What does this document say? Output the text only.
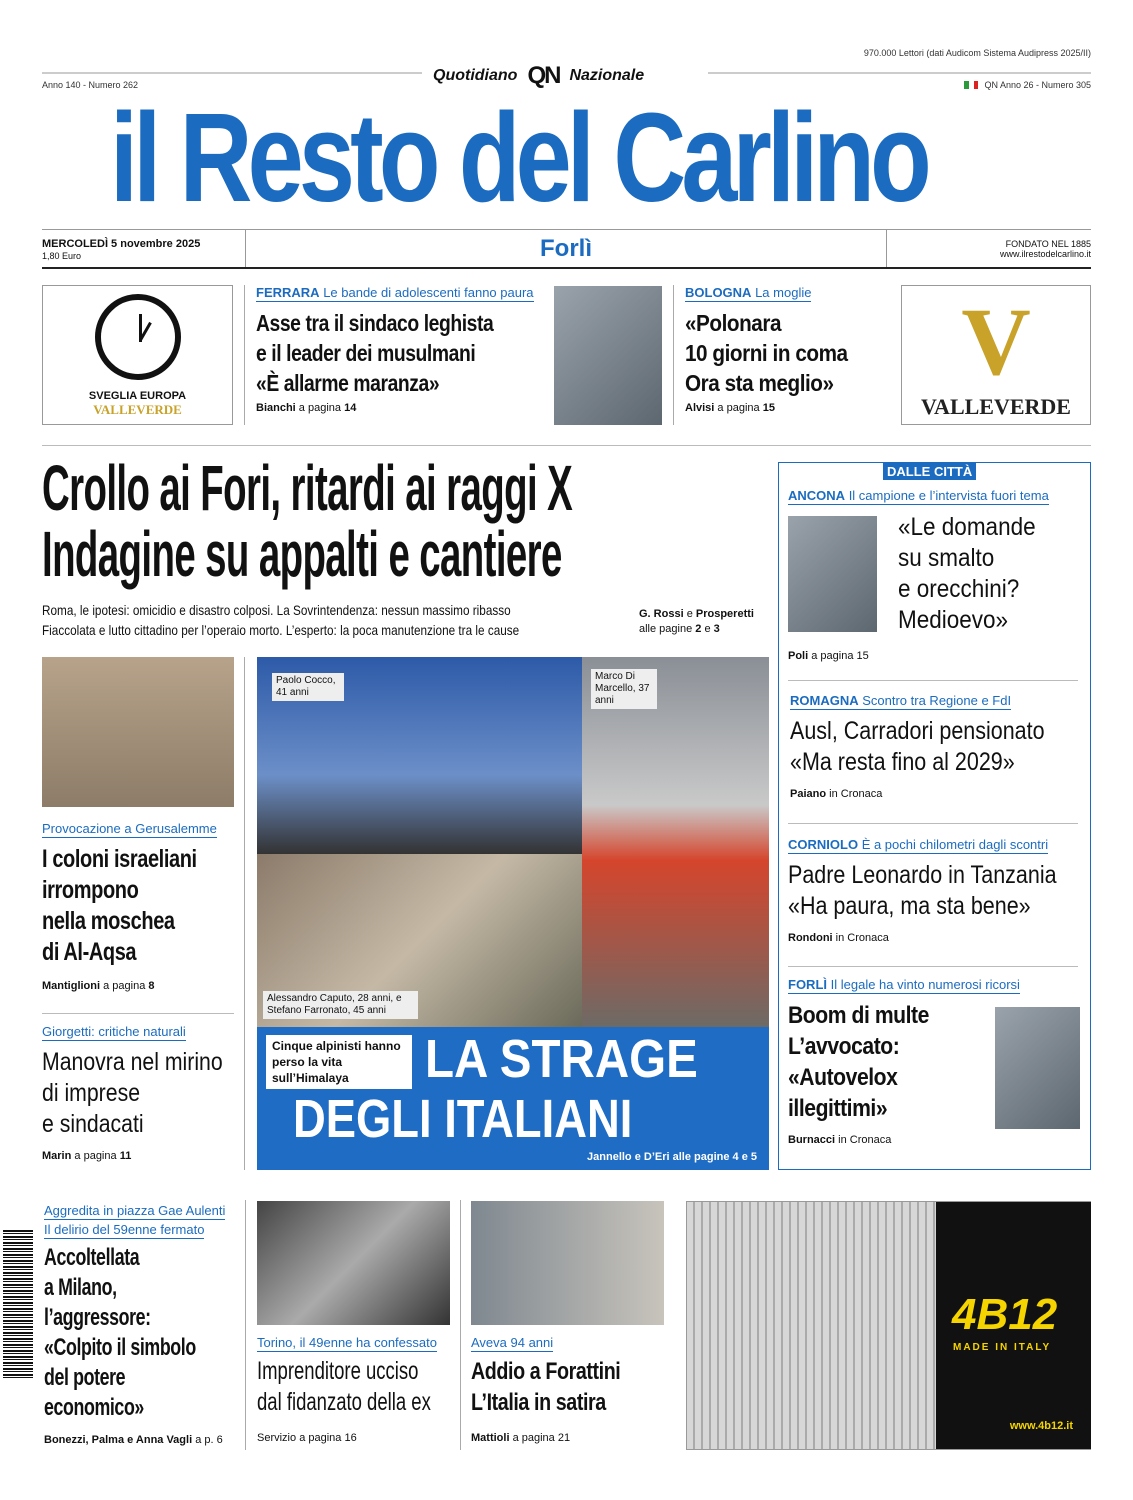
970.000 Lettori (dati Audicom Sistema Audipress 2025/II)
Quotidiano QN Nazionale
Anno 140 - Numero 262	QN Anno 26 - Numero 305
il Resto del Carlino
MERCOLEDÌ 5 novembre 2025
1,80 Euro	Forlì	FONDATO NEL 1885
www.ilrestodelcarlino.it
SVEGLIA EUROPA
VALLEVERDE
FERRARA Le bande di adolescenti fanno paura
Asse tra il sindaco leghista
e il leader dei musulmani
«È allarme maranza»
Bianchi a pagina 14
BOLOGNA La moglie
«Polonara
10 giorni in coma
Ora sta meglio»
Alvisi a pagina 15
V
VALLEVERDE
Crollo ai Fori, ritardi ai raggi X
Indagine su appalti e cantiere
Roma, le ipotesi: omicidio e disastro colposi. La Sovrintendenza: nessun massimo ribasso
Fiaccolata e lutto cittadino per l’operaio morto. L’esperto: la poca manutenzione tra le cause
G. Rossi e Prosperetti
alle pagine 2 e 3
Provocazione a Gerusalemme
I coloni israeliani
irrompono
nella moschea
di Al-Aqsa
Mantiglioni a pagina 8
Giorgetti: critiche naturali
Manovra nel mirino
di imprese
e sindacati
Marin a pagina 11
Paolo Cocco, 41 anni
Marco Di Marcello, 37 anni
Alessandro Caputo, 28 anni, e Stefano Farronato, 45 anni
Cinque alpinisti hanno perso la vita sull’Himalaya	LA STRAGE
DEGLI ITALIANI
Jannello e D’Eri alle pagine 4 e 5
DALLE CITTÀ
ANCONA Il campione e l’intervista fuori tema
«Le domande
su smalto
e orecchini?
Medioevo»
Poli a pagina 15
ROMAGNA Scontro tra Regione e FdI
Ausl, Carradori pensionato
«Ma resta fino al 2029»
Paiano in Cronaca
CORNIOLO È a pochi chilometri dagli scontri
Padre Leonardo in Tanzania
«Ha paura, ma sta bene»
Rondoni in Cronaca
FORLÌ Il legale ha vinto numerosi ricorsi
Boom di multe
L’avvocato:
«Autovelox
illegittimi»
Burnacci in Cronaca
Aggredita in piazza Gae Aulenti
Il delirio del 59enne fermato
Accoltellata
a Milano,
l’aggressore:
«Colpito il simbolo
del potere
economico»
Bonezzi, Palma e Anna Vagli a p. 6
Torino, il 49enne ha confessato
Imprenditore ucciso
dal fidanzato della ex
Servizio a pagina 16
Aveva 94 anni
Addio a Forattini
L’Italia in satira
Mattioli a pagina 21
4B12
MADE IN ITALY
www.4b12.it
